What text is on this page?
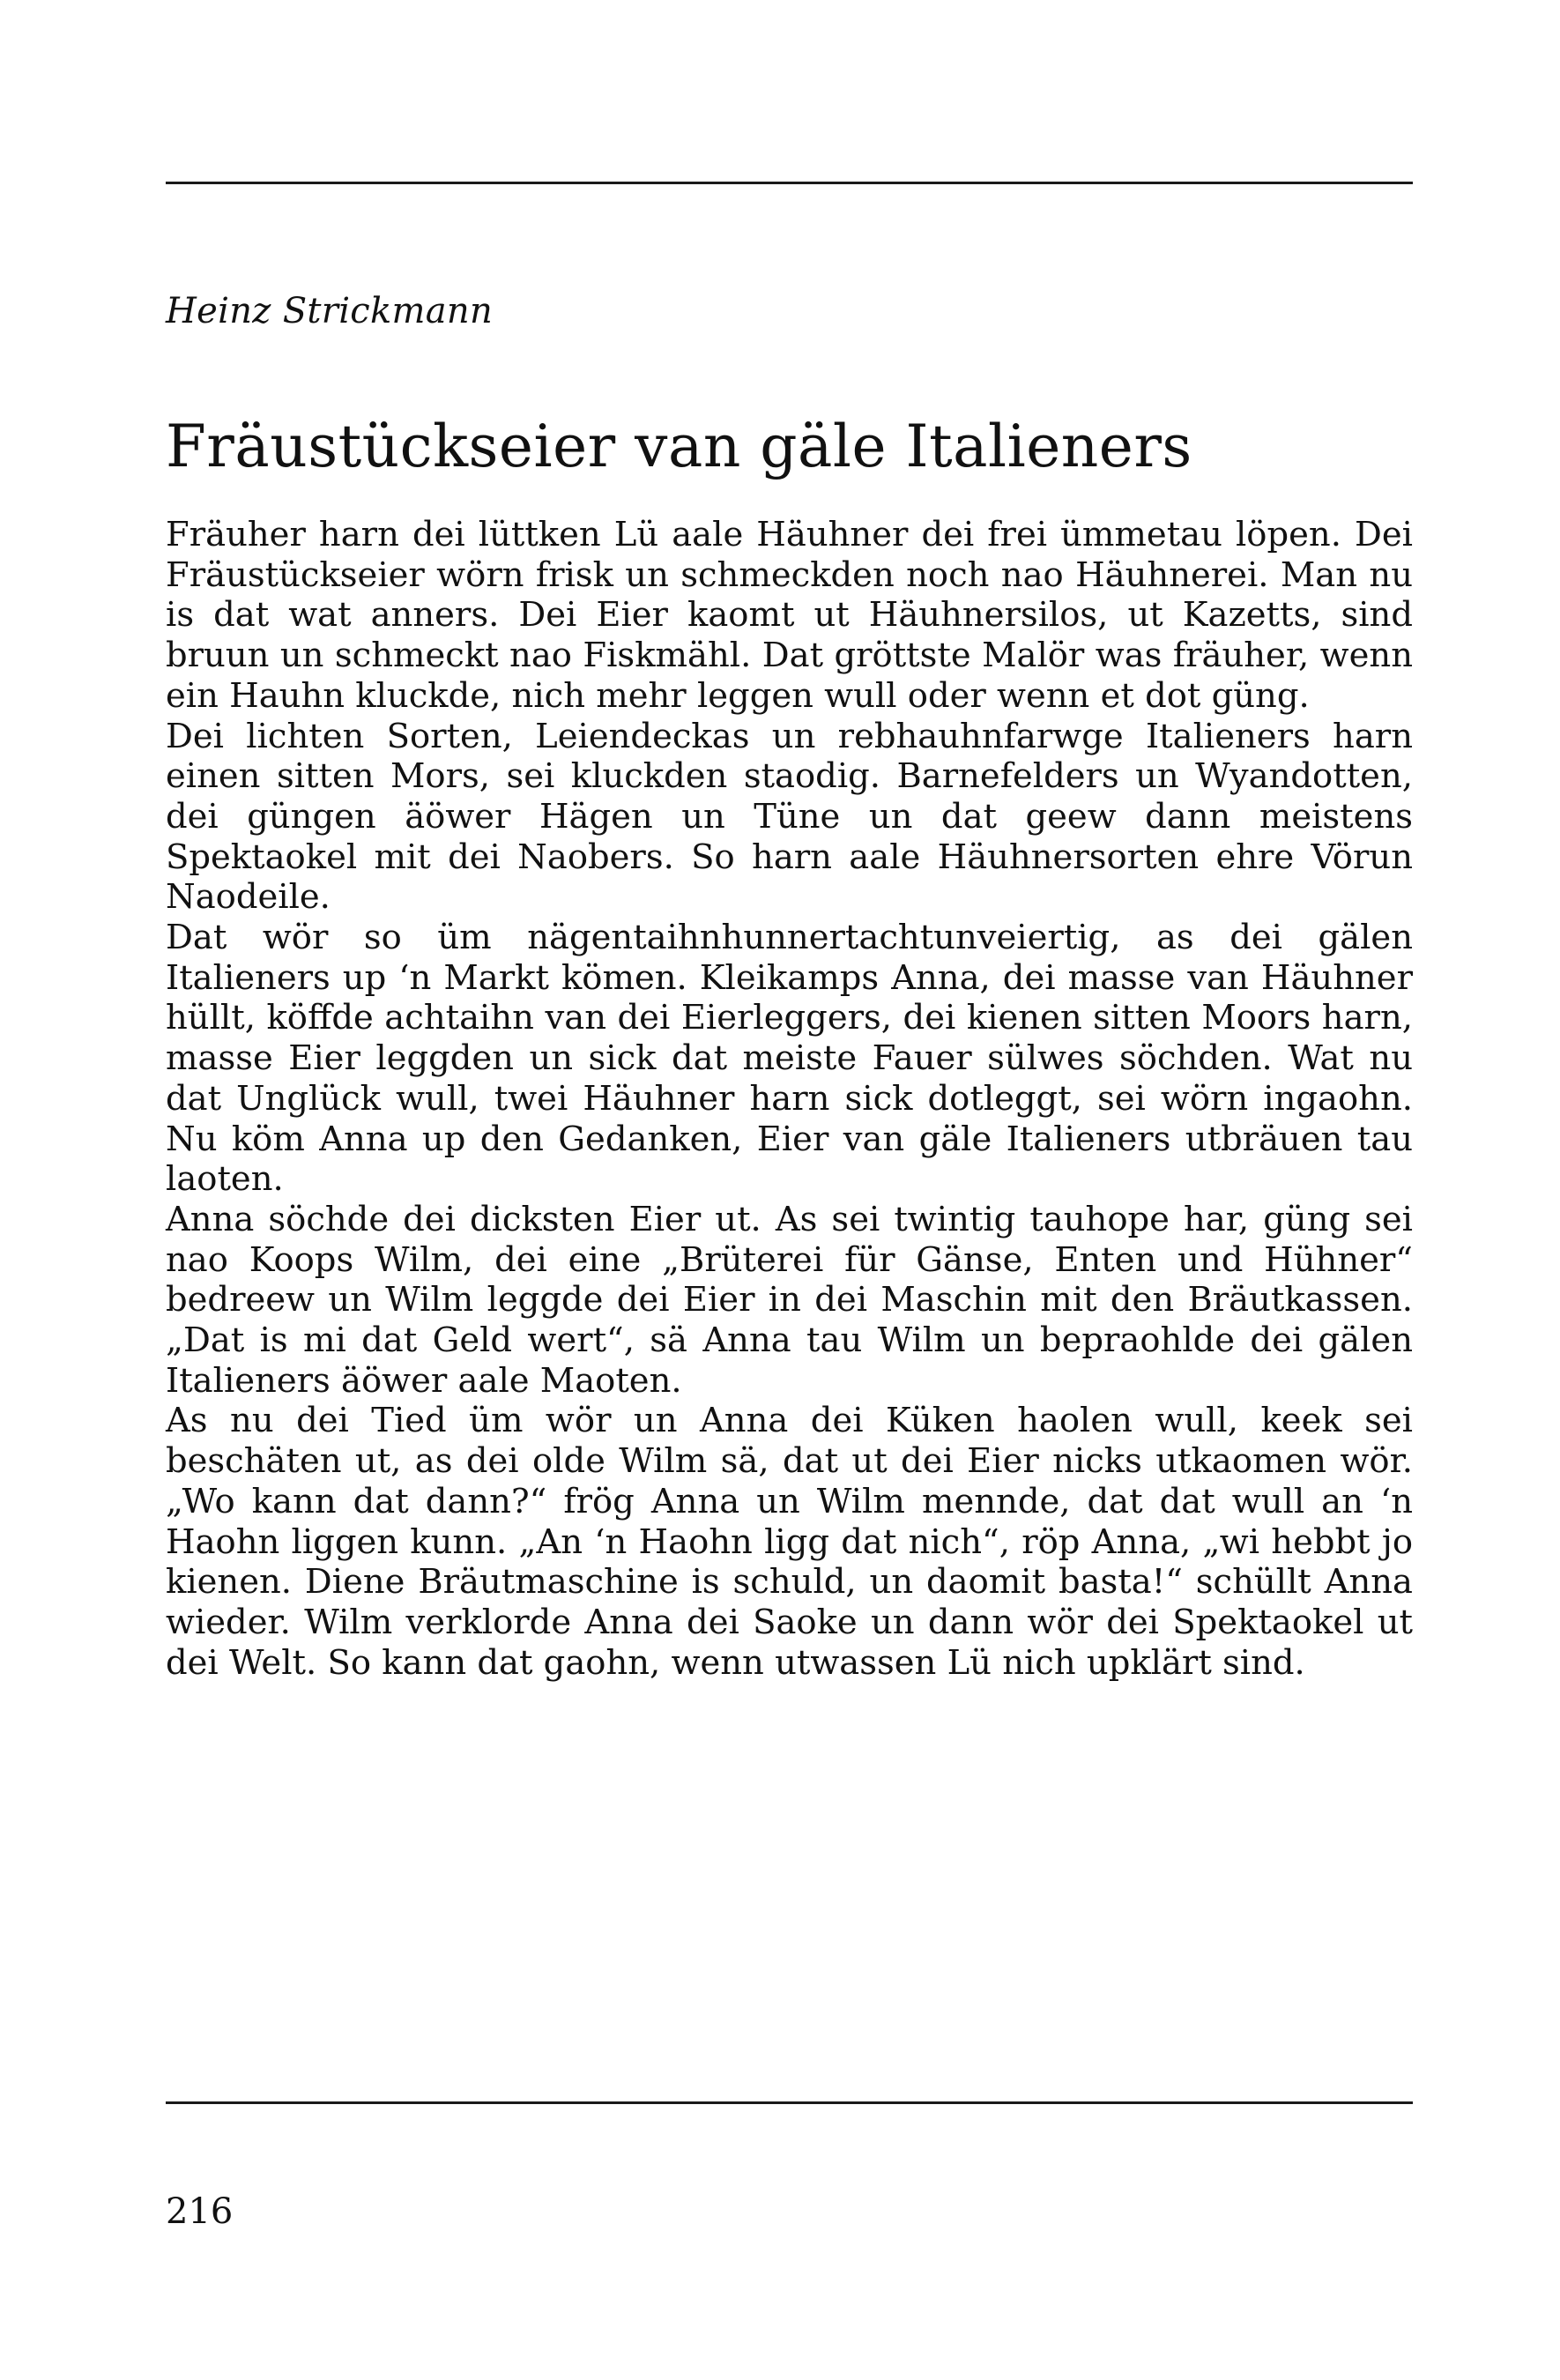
Heinz Strickmann
Fräustückseier van gäle Italieners

Fräuher harn dei lüttken Lü aale Häuhner dei frei ümmetau löpen. Dei Fräustückseier wörn frisk un schmeckden noch nao Häuhnerei. Man nu is dat wat anners. Dei Eier kaomt ut Häuhnersilos, ut Kazetts, sind bruun un schmeckt nao Fiskmähl. Dat gröttste Malör was fräuher, wenn ein Hauhn kluckde, nich mehr leggen wull oder wenn et dot güng.

Dei lichten Sorten, Leiendeckas un rebhauhnfarwge Italieners harn einen sitten Mors, sei kluckden staodig. Barnefelders un Wyandotten, dei güngen äöwer Hägen un Tüne un dat geew dann meistens Spektaokel mit dei Naobers. So harn aale Häuhnersorten ehre Vörun Naodeile.

Dat wör so üm nägentaihnhunnertachtunveiertig, as dei gälen Italieners up ‘n Markt kömen. Kleikamps Anna, dei masse van Häuhner hüllt, köffde achtaihn van dei Eierleggers, dei kienen sitten Moors harn, masse Eier leggden un sick dat meiste Fauer sülwes söchden. Wat nu dat Unglück wull, twei Häuhner harn sick dotleggt, sei wörn ingaohn. Nu köm Anna up den Gedanken, Eier van gäle Italieners utbräuen tau laoten.

Anna söchde dei dicksten Eier ut. As sei twintig tauhope har, güng sei nao Koops Wilm, dei eine „Brüterei für Gänse, Enten und Hühner“ bedreew un Wilm leggde dei Eier in dei Maschin mit den Bräutkassen. „Dat is mi dat Geld wert“, sä Anna tau Wilm un bepraohlde dei gälen Italieners äöwer aale Maoten.

As nu dei Tied üm wör un Anna dei Küken haolen wull, keek sei beschäten ut, as dei olde Wilm sä, dat ut dei Eier nicks utkaomen wör. „Wo kann dat dann?“ frög Anna un Wilm mennde, dat dat wull an ‘n Haohn liggen kunn. „An ‘n Haohn ligg dat nich“, röp Anna, „wi hebbt jo kienen. Diene Bräutmaschine is schuld, un daomit basta!“ schüllt Anna wieder. Wilm verklorde Anna dei Saoke un dann wör dei Spektaokel ut dei Welt. So kann dat gaohn, wenn utwassen Lü nich upklärt sind.

216
